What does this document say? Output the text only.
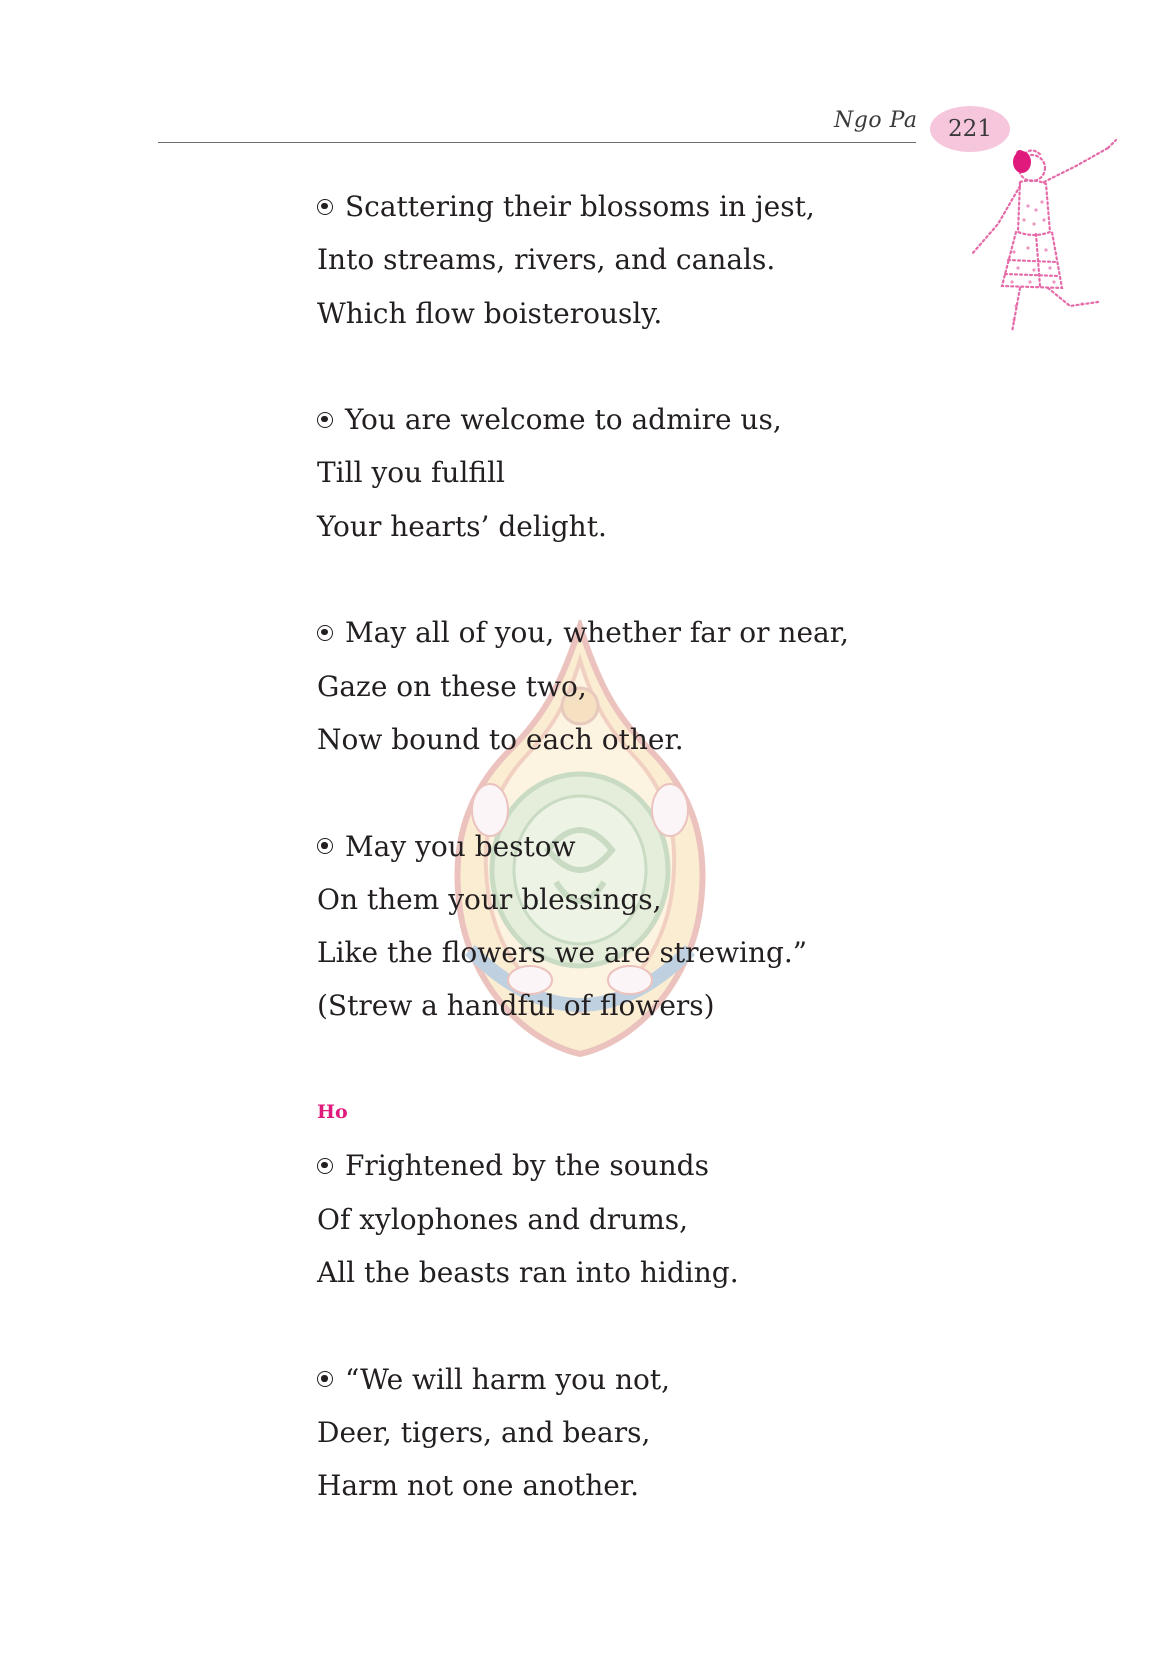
Ngo Pa 221
Scattering their blossoms in jest,
Into streams, rivers, and canals.
Which flow boisterously.
You are welcome to admire us,
Till you fulfill
Your hearts’ delight.
May all of you, whether far or near,
Gaze on these two,
Now bound to each other.
May you bestow
On them your blessings,
Like the flowers we are strewing.”
(Strew a handful of flowers)
Ho
Frightened by the sounds
Of xylophones and drums,
All the beasts ran into hiding.
“We will harm you not,
Deer, tigers, and bears,
Harm not one another.
